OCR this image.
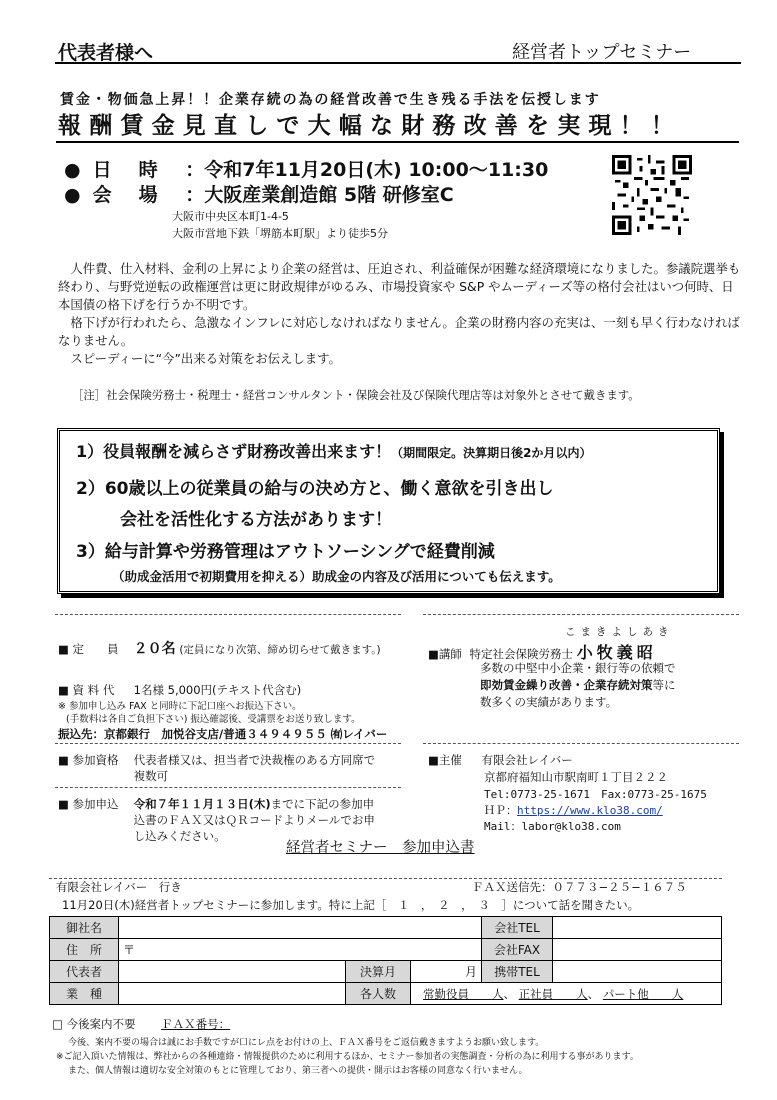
代表者様へ	経営者トップセミナー
賃金・物価急上昇！！企業存続の為の経営改善で生き残る手法を伝授します
報酬賃金見直しで大幅な財務改善を実現！！
● 日　時 ：令和7年11月20日(木) 10:00〜11:30
● 会　場 ：大阪産業創造館 5階 研修室C
大阪市中央区本町1-4-5
大阪市営地下鉄「堺筋本町駅」より徒歩5分

人件費、仕入材料、金利の上昇により企業の経営は、圧迫され、利益確保が困難な経済環境になりました。参議院選挙も終わり、与野党逆転の政権運営は更に財政規律がゆるみ、市場投資家や S&P やムーディーズ等の格付会社はいつ何時、日本国債の格下げを行うか不明です。

格下げが行われたら、急激なインフレに対応しなければなりません。企業の財務内容の充実は、一刻も早く行わなければなりません。

スピーディーに“今”出来る対策をお伝えします。

［注］社会保険労務士・税理士・経営コンサルタント・保険会社及び保険代理店等は対象外とさせて戴きます。
1）役員報酬を減らさず財務改善出来ます！（期間限定。決算期日後2か月以内）
2）60歳以上の従業員の給与の決め方と、働く意欲を引き出し
会社を活性化する方法があります！
3）給与計算や労務管理はアウトソーシングで経費削減
（助成金活用で初期費用を抑える）助成金の内容及び活用についても伝えます。
■ 定　　員 ２０名 (定員になり次第、締め切らせて戴きます。)
■ 資 料 代 1名様 5,000円(テキスト代含む)
※ 参加申し込み FAX と同時に下記口座へお振込下さい。
(手数料は各自ご負担下さい) 振込確認後、受講票をお送り致します。
振込先：京都銀行　加悦谷支店/普通３４９４９５５ ㈲レイバー
■ 参加資格 代表者様又は、担当者で決裁権のある方同席で複数可
■ 参加申込 令和７年１１月１３日(木)までに下記の参加申込書のＦＡＸ又はＱＲコードよりメールでお申し込みください。
こまきよしあき
■講師 特定社会保険労務士 小牧義昭
多数の中堅中小企業・銀行等の依頼で
即効賃金繰り改善・企業存続対策等に
数多くの実績があります。
■主催 有限会社レイバー
京都府福知山市駅南町１丁目２２２
Tel:0773-25-1671　Fax:0773-25-1675
ＨＰ：https://www.klo38.com/
Mail：labor@klo38.com
経営者セミナー　参加申込書
有限会社レイバー　行き	ＦＡＸ送信先：０７７３−２５−１６７５
11月20日(木)経営者トップセミナーに参加します。特に上記［　１　，　２　，　３　］について話を聞きたい。
御社名				会社TEL	
住　所	〒			会社FAX	
代表者		決算月	月	携帯TEL	
業　種		各人数	常勤役員　　人、 正社員　　人、 パート他　　人		
□ 今後案内不要 ＦＡＸ番号：
今後、案内不要の場合は誠にお手数ですが口にレ点をお付けの上、ＦＡＸ番号をご返信戴きますようお願い致します。
※ご記入頂いた情報は、弊社からの各種連絡・情報提供のために利用するほか、セミナー参加者の実態調査・分析の為に利用する事があります。
また、個人情報は適切な安全対策のもとに管理しており、第三者への提供・開示はお客様の同意なく行いません。
